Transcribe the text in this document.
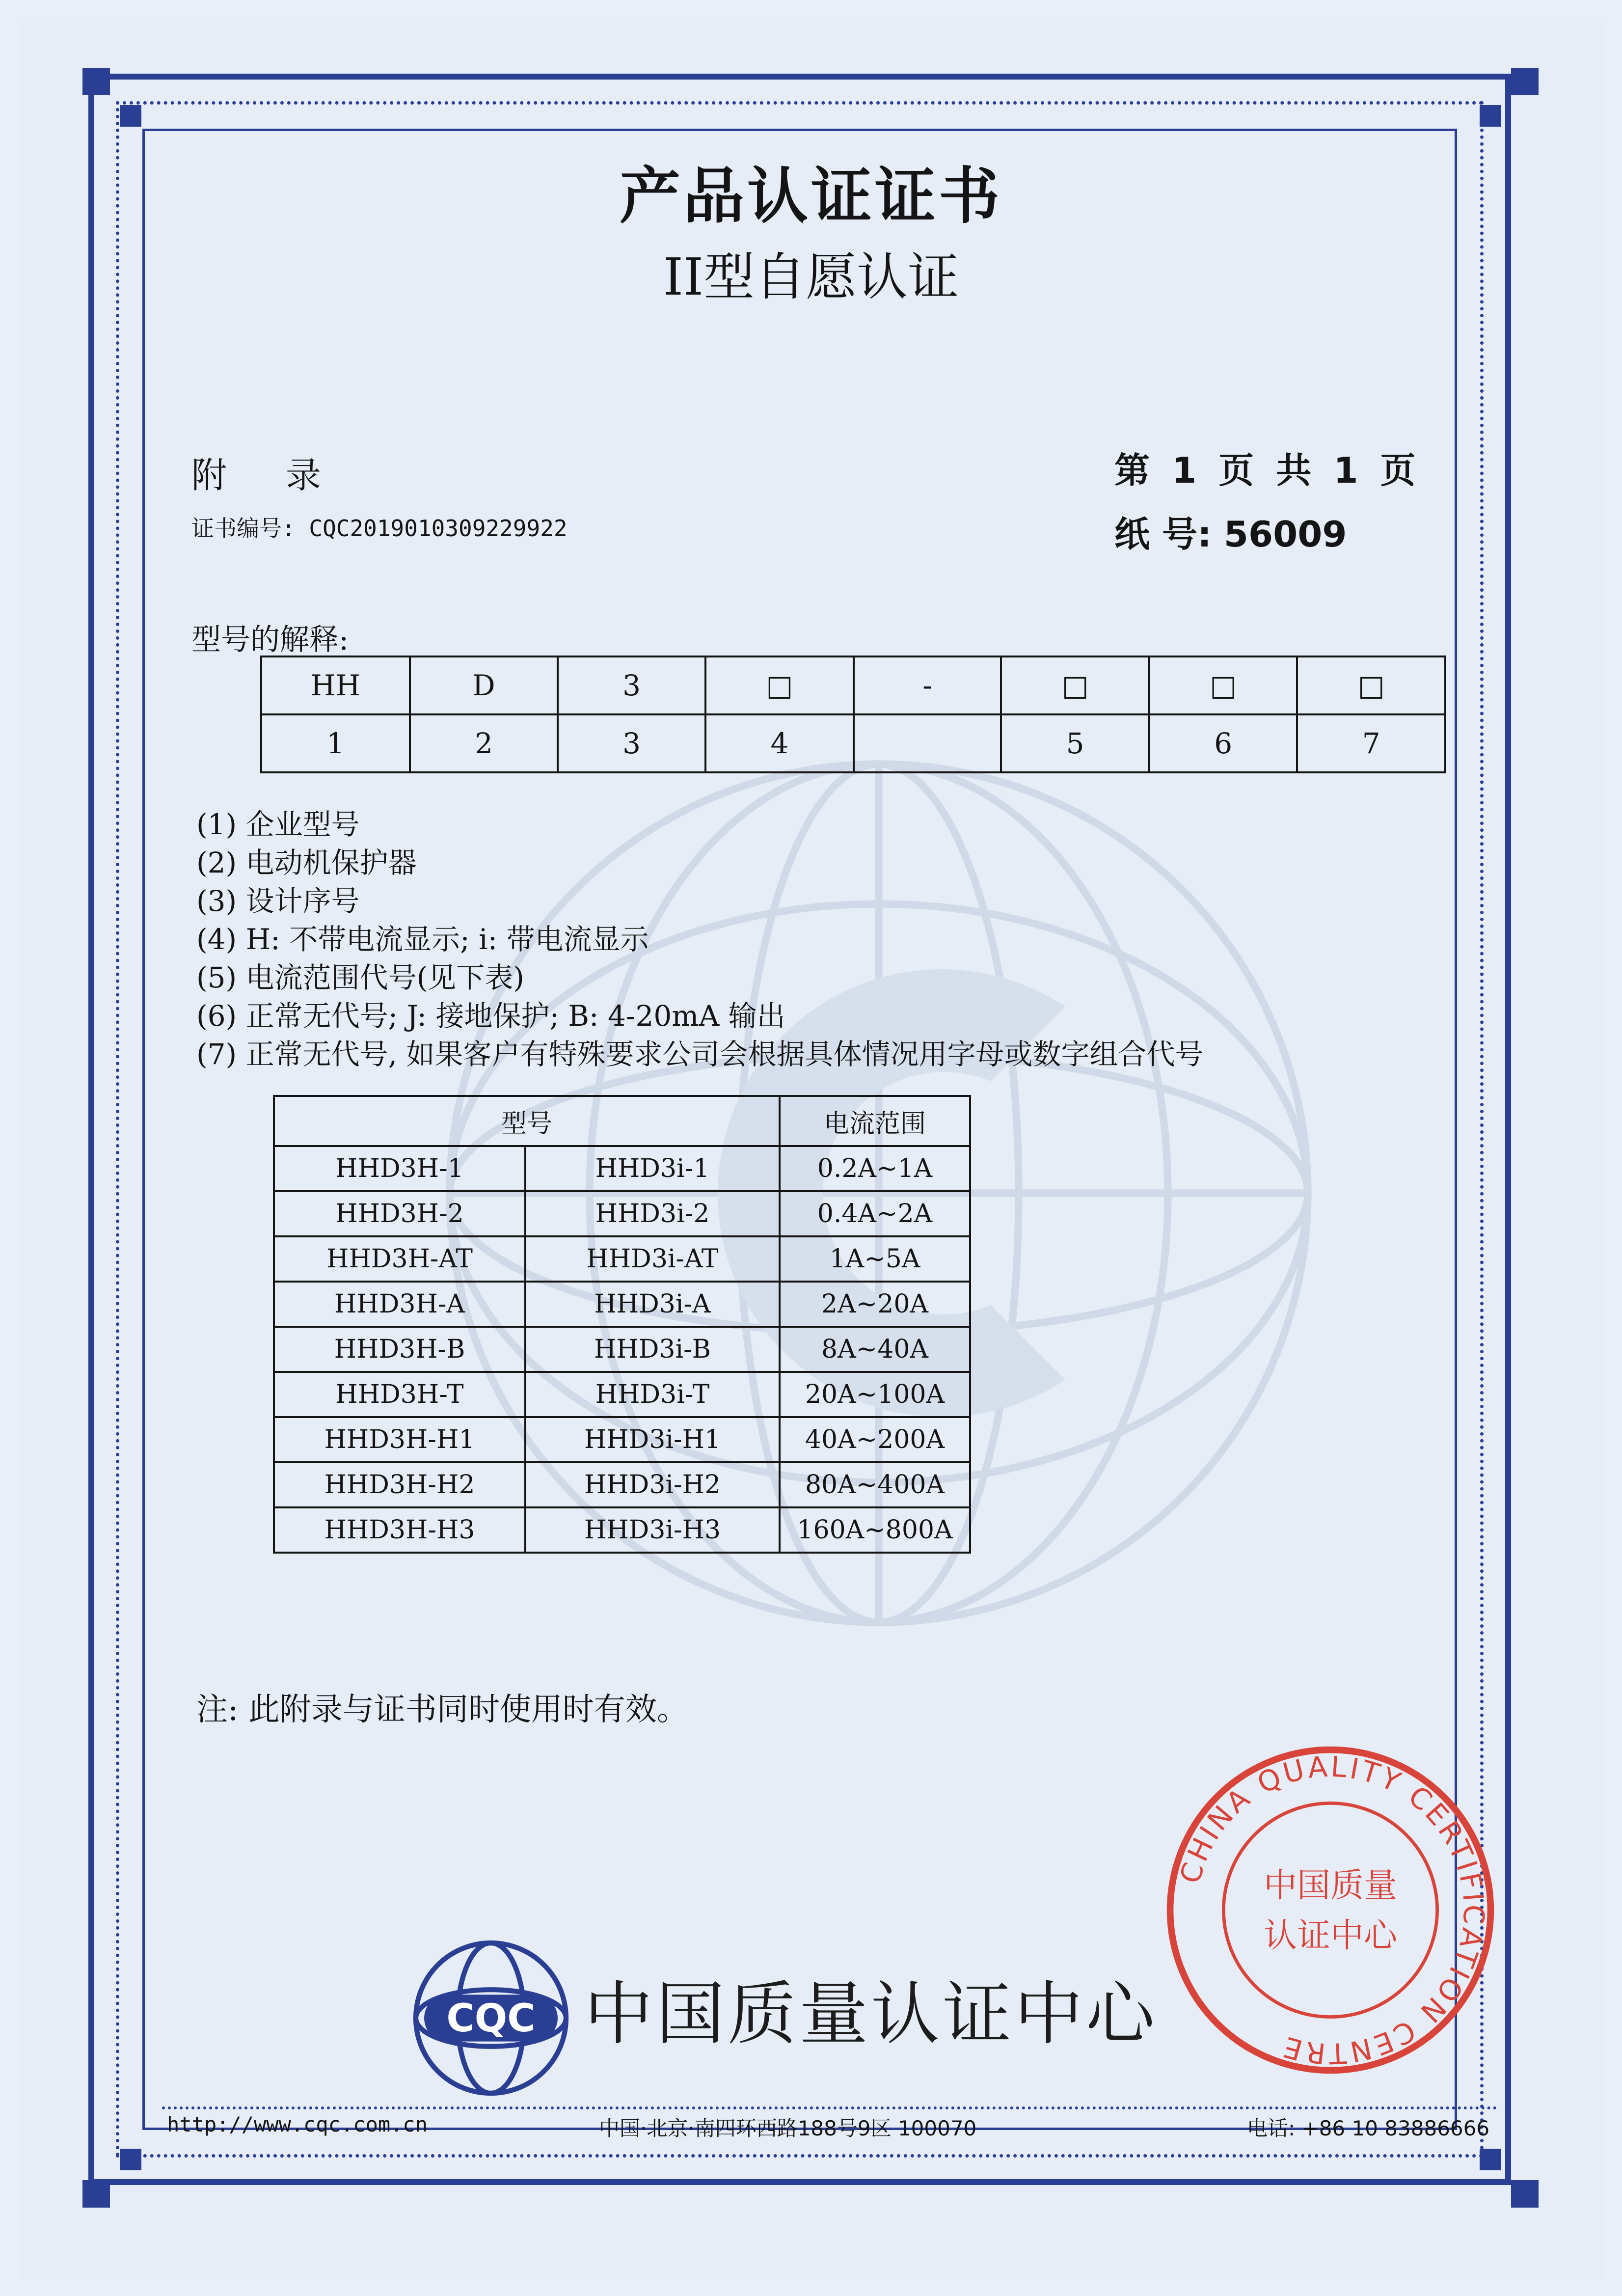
产品认证证书
II型自愿认证
附录
证书编号: CQC2019010309229922
第 1 页 共 1 页
纸 号: 56009
型号的解释:
HH	D	3	□	-	□	□	□
1	2	3	4		5	6	7
(1) 企业型号
(2) 电动机保护器
(3) 设计序号
(4) H: 不带电流显示; i: 带电流显示
(5) 电流范围代号(见下表)
(6) 正常无代号; J: 接地保护; B: 4-20mA 输出
(7) 正常无代号, 如果客户有特殊要求公司会根据具体情况用字母或数字组合代号
型号		电流范围
HHD3H-1	HHD3i-1	0.2A~1A
HHD3H-2	HHD3i-2	0.4A~2A
HHD3H-AT	HHD3i-AT	1A~5A
HHD3H-A	HHD3i-A	2A~20A
HHD3H-B	HHD3i-B	8A~40A
HHD3H-T	HHD3i-T	20A~100A
HHD3H-H1	HHD3i-H1	40A~200A
HHD3H-H2	HHD3i-H2	80A~400A
HHD3H-H3	HHD3i-H3	160A~800A
注: 此附录与证书同时使用时有效。
CHINA QUALITY CERTIFICATION CENTRE
中国质量
认证中心
CQC 中国质量认证中心
http://www.cqc.com.cn	中国·北京·南四环西路188号9区 100070	电话: +86 10 83886666
